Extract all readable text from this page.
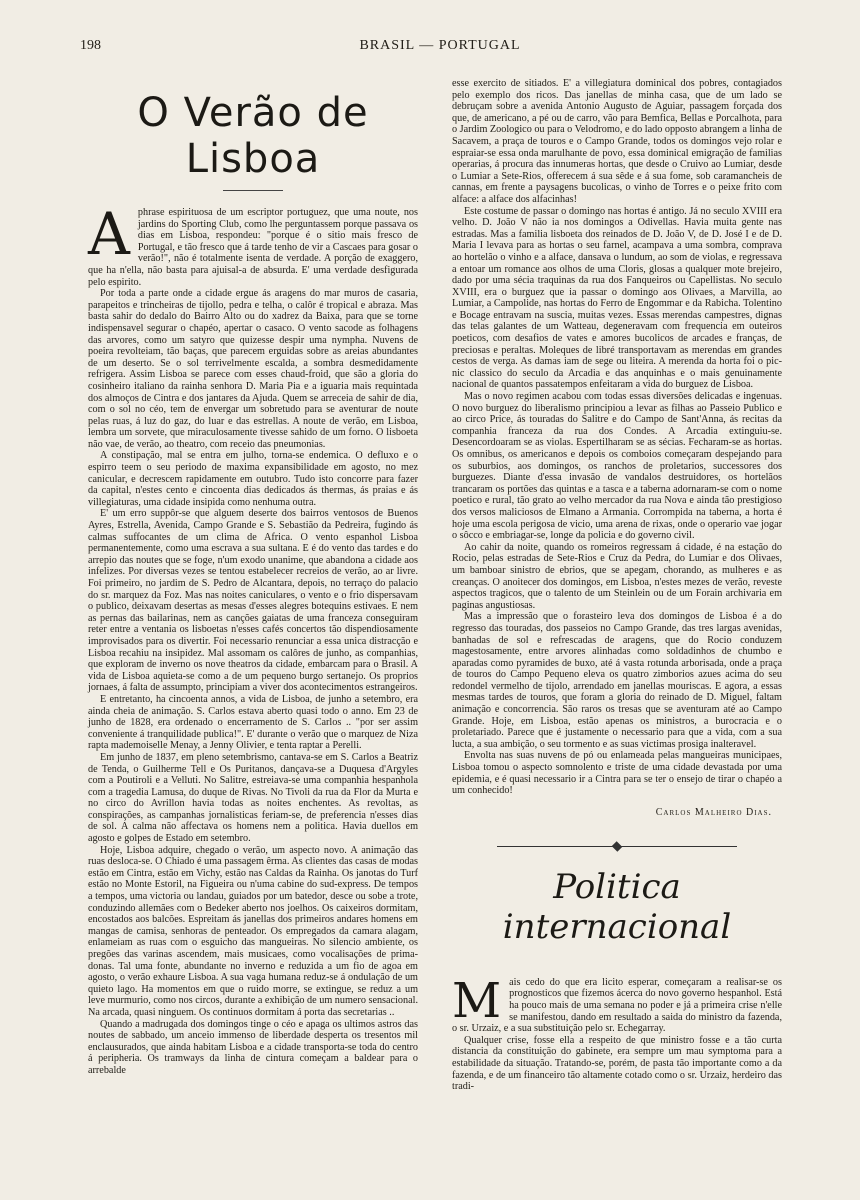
198	BRASIL — PORTUGAL
O Verão de Lisboa

A phrase espirituosa de um escriptor portuguez, que uma noute, nos jardins do Sporting Club, como lhe perguntassem porque passava os dias em Lisboa, respondeu: "porque é o sitio mais fresco de Portugal, e tão fresco que á tarde tenho de vir a Cascaes para gosar o verão!", não é totalmente isenta de verdade. A porção de exaggero, que ha n'ella, não basta para ajuisal-a de absurda. E' uma verdade desfigurada pelo espirito.

Por toda a parte onde a cidade ergue ás aragens do mar muros de casaria, parapeitos e trincheiras de tijollo, pedra e telha, o calôr é tropical e abraza. Mas basta sahir do dedalo do Bairro Alto ou do xadrez da Baixa, para que se torne indispensavel segurar o chapéo, apertar o casaco. O vento sacode as folhagens das arvores, como um satyro que quizesse despir uma nympha. Nuvens de poeira revolteiam, tão baças, que parecem erguidas sobre as areias abundantes de um deserto. Se o sol terrivelmente escalda, a sombra desmedidamente refrigera. Assim Lisboa se parece com esses chaud-froid, que são a gloria do cosinheiro italiano da rainha senhora D. Maria Pia e a iguaria mais requintada dos almoços de Cintra e dos jantares da Ajuda. Quem se arreceia de sahir de dia, com o sol no céo, tem de envergar um sobretudo para se aventurar de noute pelas ruas, á luz do gaz, do luar e das estrellas. A noute de verão, em Lisboa, lembra um sorvete, que miraculosamente tivesse sahido de um forno. O lisboeta não vae, de verão, ao theatro, com receio das pneumonias.

A constipação, mal se entra em julho, torna-se endemica. O defluxo e o espirro teem o seu periodo de maxima expansibilidade em agosto, no mez canicular, e decrescem rapidamente em outubro. Tudo isto concorre para fazer da capital, n'estes cento e cincoenta dias dedicados ás thermas, ás praias e ás villegiaturas, uma cidade insipida como nenhuma outra.

E' um erro suppôr-se que alguem deserte dos bairros ventosos de Buenos Ayres, Estrella, Avenida, Campo Grande e S. Sebastião da Pedreira, fugindo ás calmas suffocantes de um clima de Africa. O vento espanhol Lisboa permanentemente, como uma escrava a sua sultana. E é do vento das tardes e do arrepio das noutes que se foge, n'um exodo unanime, que abandona a cidade aos infelizes. Por diversas vezes se tentou estabelecer recreios de verão, ao ar livre. Foi primeiro, no jardim de S. Pedro de Alcantara, depois, no terraço do palacio do sr. marquez da Foz. Mas nas noites caniculares, o vento e o frio dispersavam o publico, deixavam desertas as mesas d'esses alegres botequins estivaes. E nem as pernas das bailarinas, nem as canções gaiatas de uma franceza conseguiram reter entre a ventania os lisboetas n'esses cafés concertos tão dispendiosamente improvisados para os divertir. Foi necessario renunciar a essa unica distracção e Lisboa recahiu na insipidez. Mal assomam os calôres de junho, as companhias, que exploram de inverno os nove theatros da cidade, embarcam para o Brasil. A vida de Lisboa aquieta-se como a de um pequeno burgo sertanejo. Os proprios jornaes, á falta de assumpto, principiam a viver dos acontecimentos estrangeiros.

E entretanto, ha cincoenta annos, a vida de Lisboa, de junho a setembro, era ainda cheia de animação. S. Carlos estava aberto quasi todo o anno. Em 23 de junho de 1828, era ordenado o encerramento de S. Carlos .. "por ser assim conveniente á tranquilidade publica!". E' durante o verão que o marquez de Niza rapta mademoiselle Menay, a Jenny Olivier, e tenta raptar a Perelli.

Em junho de 1837, em pleno setembrismo, cantava-se em S. Carlos a Beatriz de Tenda, o Guilherme Tell e Os Puritanos, dançava-se a Duquesa d'Argyles com a Poutiroli e a Velluti. No Salitre, estreiava-se uma companhia hespanhola com a tragedia Lamusa, do duque de Rivas. No Tivoli da rua da Flor da Murta e no circo do Avrillon havia todas as noites enchentes. As revoltas, as conspirações, as campanhas jornalisticas feriam-se, de preferencia n'esses dias de sol. A calma não affectava os homens nem a politica. Havia duellos em agosto e golpes de Estado em setembro.

Hoje, Lisboa adquire, chegado o verão, um aspecto novo. A animação das ruas desloca-se. O Chiado é uma passagem êrma. As clientes das casas de modas estão em Cintra, estão em Vichy, estão nas Caldas da Rainha. Os janotas do Turf estão no Monte Estoril, na Figueira ou n'uma cabine do sud-express. De tempos a tempos, uma victoria ou landau, guiados por um batedor, desce ou sobe a trote, conduzindo allemães com o Bedeker aberto nos joelhos. Os caixeiros dormitam, encostados aos balcões. Espreitam ás janellas dos primeiros andares homens em mangas de camisa, senhoras de penteador. Os empregados da camara alagam, enlameiam as ruas com o esguicho das mangueiras. No silencio ambiente, os pregões das varinas ascendem, mais musicaes, como vocalisações de prima-donas. Tal uma fonte, abundante no inverno e reduzida a um fio de agoa em agosto, o verão exhaure Lisboa. A sua vaga humana reduz-se á ondulação de um quieto lago. Ha momentos em que o ruido morre, se extingue, se reduz a um leve murmurio, como nos circos, durante a exhibição de um numero sensacional. Na arcada, quasi ninguem. Os continuos dormitam á porta das secretarias ..

Quando a madrugada dos domingos tinge o céo e apaga os ultimos astros das noutes de sabbado, um anceio immenso de liberdade desperta os tresentos mil enclausurados, que ainda habitam Lisboa e a cidade transporta-se toda do centro á peripheria. Os tramways da linha de cintura começam a baldear para o arrebalde

esse exercito de sitiados. E' a villegiatura dominical dos pobres, contagiados pelo exemplo dos ricos. Das janellas de minha casa, que de um lado se debruçam sobre a avenida Antonio Augusto de Aguiar, passagem forçada dos que, de americano, a pé ou de carro, vão para Bemfica, Bellas e Porcalhota, para o Jardim Zoologico ou para o Velodromo, e do lado opposto abrangem a linha de Sacavem, a praça de touros e o Campo Grande, todos os domingos vejo rolar e espraiar-se essa onda marulhante de povo, essa dominical emigração de familias operarias, á procura das innumeras hortas, que desde o Cruivo ao Lumiar, desde o Lumiar a Sete-Rios, offerecem á sua sêde e á sua fome, sob caramancheis de cannas, em frente a paysagens bucolicas, o vinho de Torres e o peixe frito com alface: a alface dos alfacinhas!

Este costume de passar o domingo nas hortas é antigo. Já no seculo XVIII era velho. D. João V não ia nos domingos a Odivellas. Havia muita gente nas estradas. Mas a familia lisboeta dos reinados de D. João V, de D. José I e de D. Maria I levava para as hortas o seu farnel, acampava a uma sombra, comprava ao hortelão o vinho e a alface, dansava o lundum, ao som de violas, e regressava a entoar um romance aos olhos de uma Cloris, glosas a qualquer mote brejeiro, dado por uma sécia traquinas da rua dos Fanqueiros ou Capellistas. No seculo XVIII, era o burguez que ia passar o domingo aos Olivaes, a Marvilla, ao Lumiar, a Campolide, nas hortas do Ferro de Engommar e da Rabicha. Tolentino e Bocage entravam na suscia, muitas vezes. Essas merendas campestres, dignas das telas galantes de um Watteau, degeneravam com frequencia em outeiros poeticos, com desafios de vates e amores bucolicos de arcades e franças, de preciosas e peraltas. Moleques de libré transportavam as merendas em grandes cestos de verga. As damas iam de sege ou liteira. A merenda da horta foi o pic-nic classico do seculo da Arcadia e das anquinhas e o mais genuinamente nacional de quantos passatempos enfeitaram a vida do burguez de Lisboa.

Mas o novo regimen acabou com todas essas diversões delicadas e ingenuas. O novo burguez do liberalismo principiou a levar as filhas ao Passeio Publico e ao circo Price, ás touradas do Salitre e do Campo de Sant'Anna, ás recitas da companhia franceza da rua dos Condes. A Arcadia extinguiu-se. Desencordoaram se as violas. Espertilharam se as sécias. Fecharam-se as hortas. Os omnibus, os americanos e depois os comboios começaram despejando para os suburbios, aos domingos, os ranchos de proletarios, successores dos burguezes. Diante d'essa invasão de vandalos destruidores, os hortelãos trancaram os portões das quintas e a tasca e a taberna adornaram-se com o nome poetico e rural, tão grato ao velho mercador da rua Nova e ainda tão prestigioso dos versos maliciosos de Elmano a Armania. Corrompida na taberna, a horta é hoje uma escola perigosa de vicio, uma arena de rixas, onde o operario vae jogar o sôcco e embriagar-se, longe da policia e do governo civil.

Ao cahir da noite, quando os romeiros regressam á cidade, é na estação do Rocio, pelas estradas de Sete-Rios e Cruz da Pedra, do Lumiar e dos Olivaes, um bamboar sinistro de ebrios, que se apegam, chorando, as mulheres e as creanças. O anoitecer dos domingos, em Lisboa, n'estes mezes de verão, reveste aspectos tragicos, que o talento de um Steinlein ou de um Forain archivaria em paginas angustiosas.

Mas a impressão que o forasteiro leva dos domingos de Lisboa é a do regresso das touradas, dos passeios no Campo Grande, das tres largas avenidas, banhadas de sol e refrescadas de aragens, que do Rocio conduzem magestosamente, entre arvores alinhadas como soldadinhos de chumbo e aparadas como pyramides de buxo, até á vasta rotunda arborisada, onde a praça de touros do Campo Pequeno eleva os quatro zimborios azues acima do seu redondel vermelho de tijolo, arrendado em janellas mouriscas. E agora, a essas mesmas tardes de touros, que foram a gloria do reinado de D. Miguel, faltam animação e concorrencia. São raros os tresas que se aventuram até ao Campo Grande. Hoje, em Lisboa, estão apenas os ministros, a burocracia e o proletariado. Parece que é justamente o necessario para que a vida, com a sua lucta, a sua ambição, o seu tormento e as suas victimas prosiga inalteravel.

Envolta nas suas nuvens de pó ou enlameada pelas mangueiras municipaes, Lisboa tomou o aspecto somnolento e triste de uma cidade devastada por uma epidemia, e é quasi necessario ir a Cintra para se ter o ensejo de tirar o chapéo a um conhecido!

Carlos Malheiro Dias.
Politica internacional

M ais cedo do que era licito esperar, começaram a realisar-se os prognosticos que fizemos ácerca do novo governo hespanhol. Está ha pouco mais de uma semana no poder e já a primeira crise n'elle se manifestou, dando em resultado a saida do ministro da fazenda, o sr. Urzaiz, e a sua substituição pelo sr. Echegarray.

Qualquer crise, fosse ella a respeito de que ministro fosse e a tão curta distancia da constituição do gabinete, era sempre um mau symptoma para a estabilidade da situação. Tratando-se, porém, de pasta tão importante como a da fazenda, e de um financeiro tão altamente cotado como o sr. Urzaiz, herdeiro das tradi-
